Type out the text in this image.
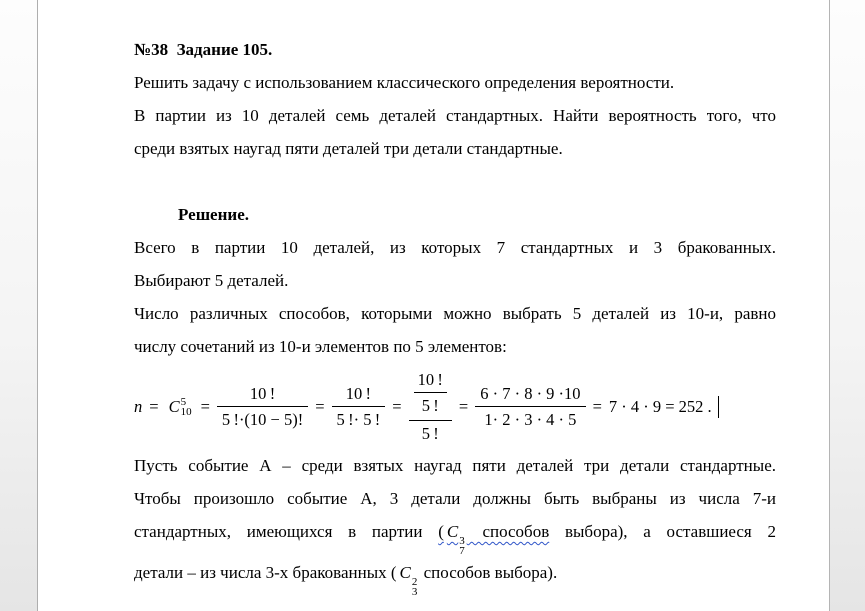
№38  Задание 105.
Решить задачу с использованием классического определения вероятности.
В партии из 10 деталей семь деталей стандартных. Найти вероятность того, что
среди взятых наугад пяти деталей три детали стандартные.
Решение.
Всего в партии 10 деталей, из которых 7 стандартных и 3 бракованных.
Выбирают 5 деталей.
Число различных способов, которыми можно выбрать 5 деталей из 10-и, равно
числу сочетаний из 10-и элементов по 5 элементов:
n = C 5
$10 = \frac{10 !}{5 !\cdot(10 - 5)!} = \frac{10 !}{5 !\cdot 5 !} = \frac{\frac{10 !}{5 !}}{5 !} = \frac{6 \cdot 7 \cdot 8 \cdot 9 \cdot 10}{1\cdot 2 \cdot 3 \cdot 4 \cdot 5} = 7 \cdot 4 \cdot 9 = 252$ .
Пусть событие А – среди взятых наугад пяти деталей три детали стандартные.
Чтобы произошло событие А, 3 детали должны быть выбраны из числа 7-и
стандартных, имеющихся в партии ( C 3
7
способов выбора), а оставшиеся 2
детали – из числа 3-х бракованных ( C 2
3
способов выбора).
